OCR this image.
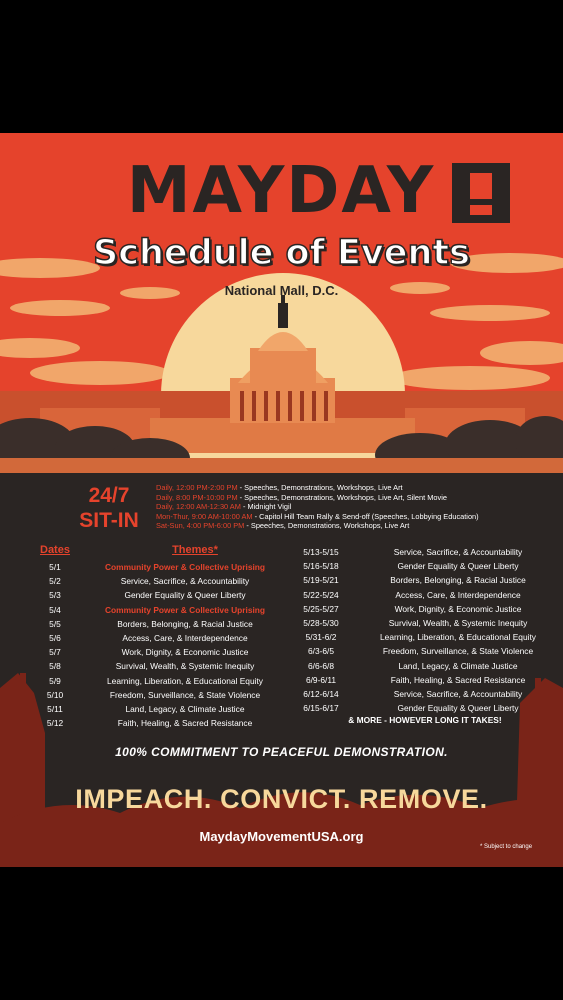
MAYDAY
Schedule of Events
National Mall, D.C.
24/7
SIT-IN
Daily, 12:00 PM-2:00 PM - Speeches, Demonstrations, Workshops, Live Art
Daily, 8:00 PM-10:00 PM - Speeches, Demonstrations, Workshops, Live Art, Silent Movie
Daily, 12:00 AM-12:30 AM - Midnight Vigil
Mon-Thur, 9:00 AM-10:00 AM - Capitol Hill Team Rally & Send-off (Speeches, Lobbying Education)
Sat-Sun, 4:00 PM-6:00 PM - Speeches, Demonstrations, Workshops, Live Art
Dates	Themes*
5/1	Community Power & Collective Uprising
5/2	Service, Sacrifice, & Accountability
5/3	Gender Equality & Queer Liberty
5/4	Community Power & Collective Uprising
5/5	Borders, Belonging, & Racial Justice
5/6	Access, Care, & Interdependence
5/7	Work, Dignity, & Economic Justice
5/8	Survival, Wealth, & Systemic Inequity
5/9	Learning, Liberation, & Educational Equity
5/10	Freedom, Surveillance, & State Violence
5/11	Land, Legacy, & Climate Justice
5/12	Faith, Healing, & Sacred Resistance
5/13-5/15	Service, Sacrifice, & Accountability
5/16-5/18	Gender Equality & Queer Liberty
5/19-5/21	Borders, Belonging, & Racial Justice
5/22-5/24	Access, Care, & Interdependence
5/25-5/27	Work, Dignity, & Economic Justice
5/28-5/30	Survival, Wealth, & Systemic Inequity
5/31-6/2	Learning, Liberation, & Educational Equity
6/3-6/5	Freedom, Surveillance, & State Violence
6/6-6/8	Land, Legacy, & Climate Justice
6/9-6/11	Faith, Healing, & Sacred Resistance
6/12-6/14	Service, Sacrifice, & Accountability
6/15-6/17	Gender Equality & Queer Liberty
& MORE - HOWEVER LONG IT TAKES!
100% COMMITMENT TO PEACEFUL DEMONSTRATION.
IMPEACH. CONVICT. REMOVE.
MaydayMovementUSA.org
* Subject to change
